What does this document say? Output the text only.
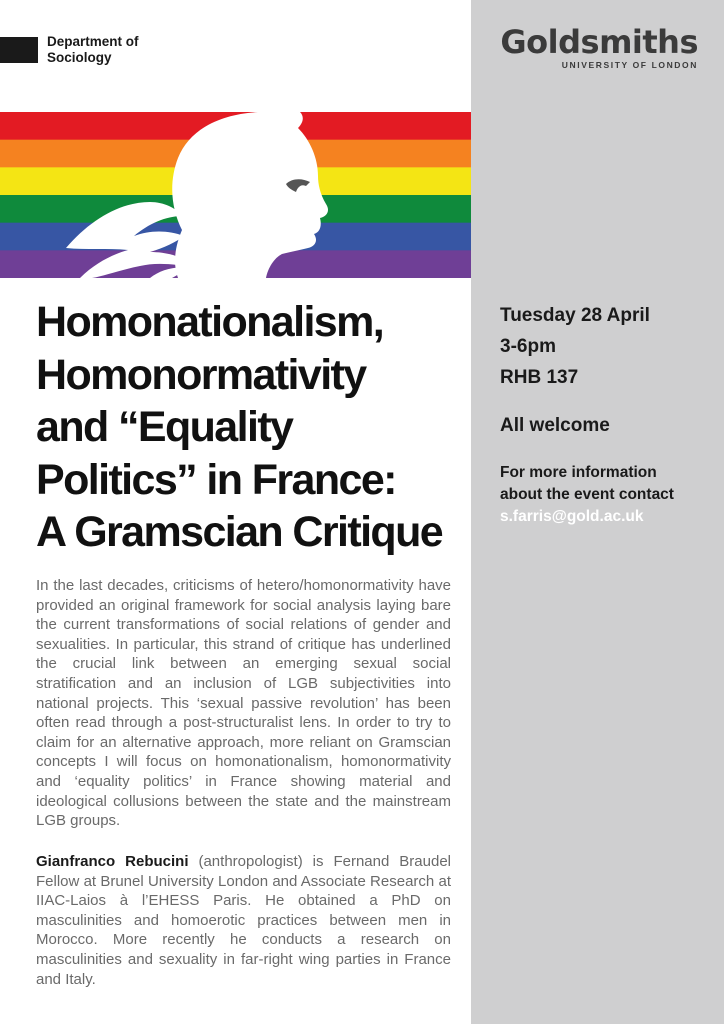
Department of
Sociology	Goldsmiths
UNIVERSITY OF LONDON
Homonationalism,
Homonormativity
and “Equality
Politics” in France:
A Gramscian Critique

In the last decades, criticisms of hetero/homonormativity have provided an original framework for social analysis laying bare the current transformations of social relations of gender and sexualities. In particular, this strand of critique has underlined the crucial link between an emerging sexual social stratification and an inclusion of LGB subjectivities into national projects. This ‘sexual passive revolution’ has been often read through a post-structuralist lens. In order to try to claim for an alternative approach, more reliant on Gramscian concepts I will focus on homonationalism, homonormativity and ‘equality politics’ in France showing material and ideological collusions between the state and the mainstream LGB groups.

Gianfranco Rebucini (anthropologist) is Fernand Braudel Fellow at Brunel University London and Associate Research at IIAC-Laios à l’EHESS Paris. He obtained a PhD on masculinities and homoerotic practices between men in Morocco. More recently he conducts a research on masculinities and sexuality in far-right wing parties in France and Italy.

Tuesday 28 April
3-6pm
RHB 137
All welcome
For more information
about the event contact
s.farris@gold.ac.uk
